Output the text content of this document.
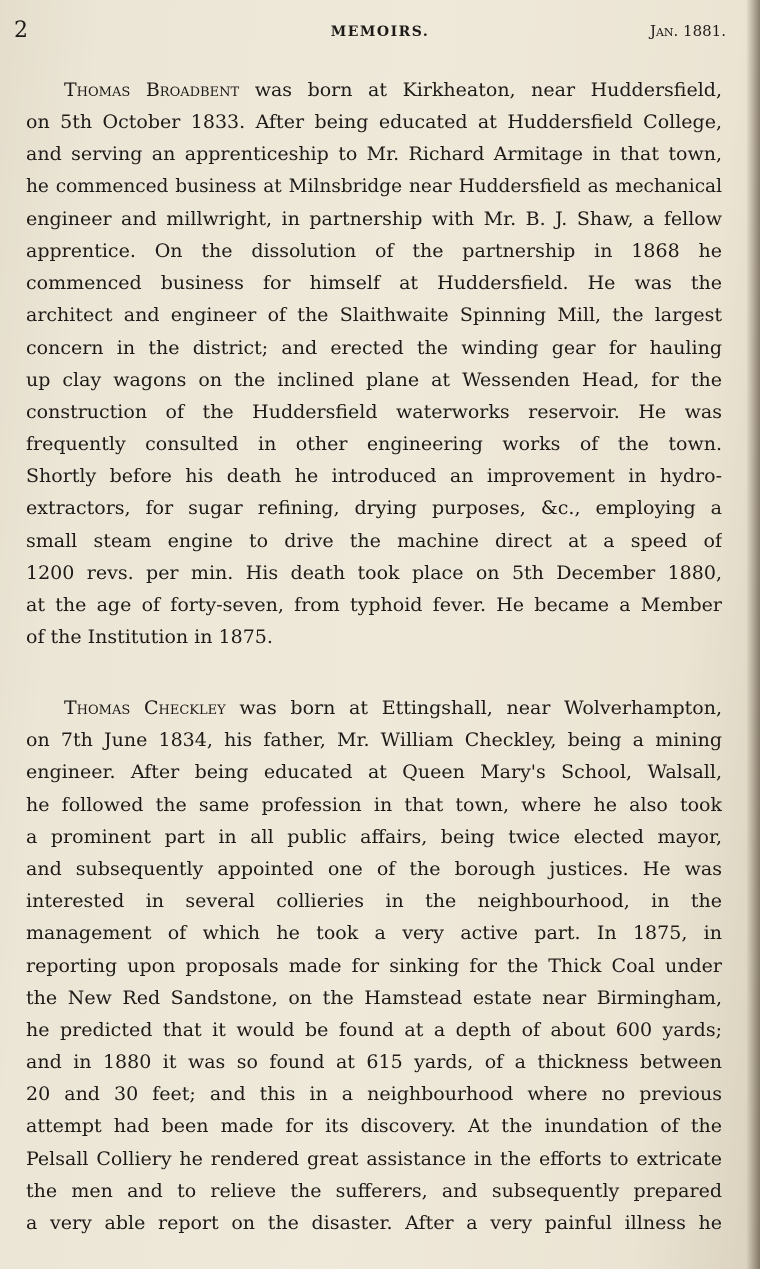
2	MEMOIRS.	Jan. 1881.
Thomas Broadbent was born at Kirkheaton, near Huddersfield,
on 5th October 1833. After being educated at Huddersfield College,
and serving an apprenticeship to Mr. Richard Armitage in that town,
he commenced business at Milnsbridge near Huddersfield as mechanical
engineer and millwright, in partnership with Mr. B. J. Shaw, a fellow
apprentice. On the dissolution of the partnership in 1868 he
commenced business for himself at Huddersfield. He was the
architect and engineer of the Slaithwaite Spinning Mill, the largest
concern in the district; and erected the winding gear for hauling
up clay wagons on the inclined plane at Wessenden Head, for the
construction of the Huddersfield waterworks reservoir. He was
frequently consulted in other engineering works of the town.
Shortly before his death he introduced an improvement in hydro-
extractors, for sugar refining, drying purposes, &c., employing a
small steam engine to drive the machine direct at a speed of
1200 revs. per min. His death took place on 5th December 1880,
at the age of forty-seven, from typhoid fever. He became a Member
of the Institution in 1875.
Thomas Checkley was born at Ettingshall, near Wolverhampton,
on 7th June 1834, his father, Mr. William Checkley, being a mining
engineer. After being educated at Queen Mary's School, Walsall,
he followed the same profession in that town, where he also took
a prominent part in all public affairs, being twice elected mayor,
and subsequently appointed one of the borough justices. He was
interested in several collieries in the neighbourhood, in the
management of which he took a very active part. In 1875, in
reporting upon proposals made for sinking for the Thick Coal under
the New Red Sandstone, on the Hamstead estate near Birmingham,
he predicted that it would be found at a depth of about 600 yards;
and in 1880 it was so found at 615 yards, of a thickness between
20 and 30 feet; and this in a neighbourhood where no previous
attempt had been made for its discovery. At the inundation of the
Pelsall Colliery he rendered great assistance in the efforts to extricate
the men and to relieve the sufferers, and subsequently prepared
a very able report on the disaster. After a very painful illness he
